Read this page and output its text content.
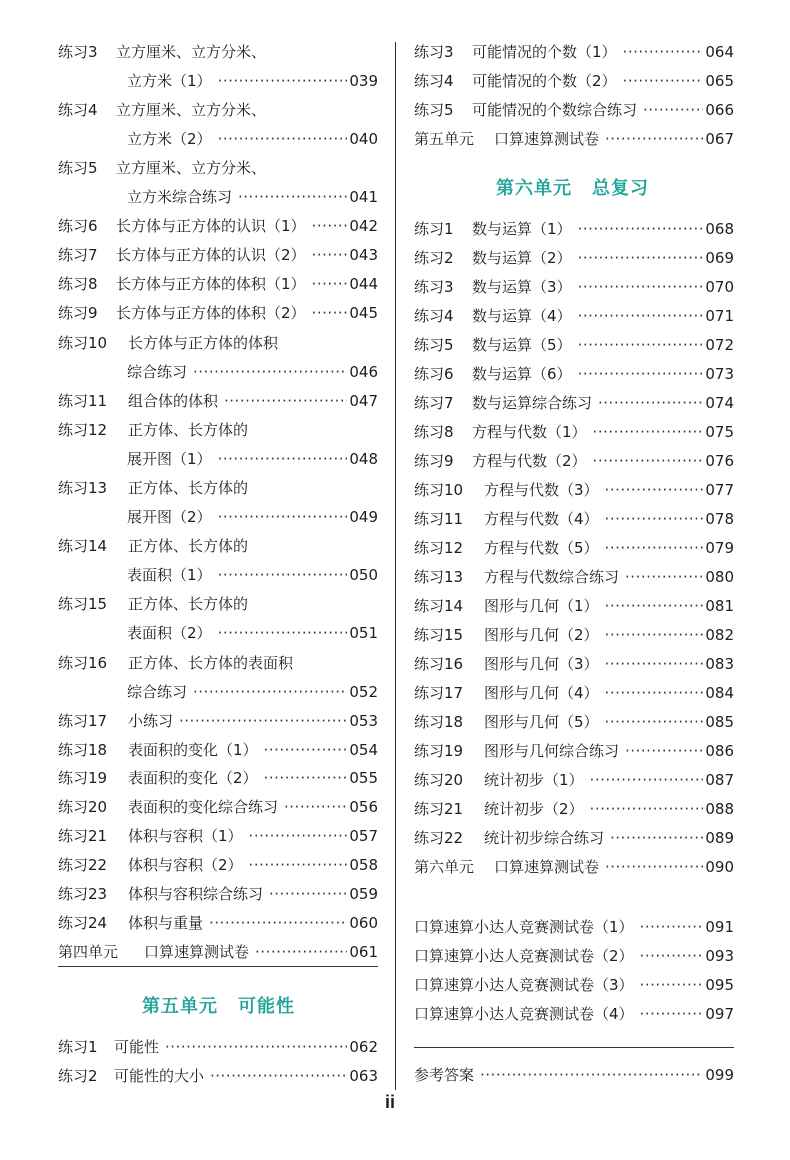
练习3	立方厘米、立方分米、
立方米（1） ·····	039
练习4	立方厘米、立方分米、
立方米（2） ·····	040
练习5	立方厘米、立方分米、
立方米综合练习 ·····	041
练习6	长方体与正方体的认识（1） ·····	042
练习7	长方体与正方体的认识（2） ·····	043
练习8	长方体与正方体的体积（1） ·····	044
练习9	长方体与正方体的体积（2） ·····	045
练习10	长方体与正方体的体积
综合练习 ·····	046
练习11	组合体的体积 ·····	047
练习12	正方体、长方体的
展开图（1） ·····	048
练习13	正方体、长方体的
展开图（2） ·····	049
练习14	正方体、长方体的
表面积（1） ·····	050
练习15	正方体、长方体的
表面积（2） ·····	051
练习16	正方体、长方体的表面积
综合练习 ·····	052
练习17	小练习 ·····	053
练习18	表面积的变化（1） ·····	054
练习19	表面积的变化（2） ·····	055
练习20	表面积的变化综合练习 ·····	056
练习21	体积与容积（1） ·····	057
练习22	体积与容积（2） ·····	058
练习23	体积与容积综合练习 ·····	059
练习24	体积与重量 ·····	060
第四单元	口算速算测试卷 ·····	061
第五单元 可能性
练习1	可能性 ·····	062
练习2	可能性的大小 ·····	063
练习3	可能情况的个数（1） ·····	064
练习4	可能情况的个数（2） ·····	065
练习5	可能情况的个数综合练习 ·····	066
第五单元	口算速算测试卷 ·····	067
第六单元 总复习
练习1	数与运算（1） ·····	068
练习2	数与运算（2） ·····	069
练习3	数与运算（3） ·····	070
练习4	数与运算（4） ·····	071
练习5	数与运算（5） ·····	072
练习6	数与运算（6） ·····	073
练习7	数与运算综合练习 ·····	074
练习8	方程与代数（1） ·····	075
练习9	方程与代数（2） ·····	076
练习10	方程与代数（3） ·····	077
练习11	方程与代数（4） ·····	078
练习12	方程与代数（5） ·····	079
练习13	方程与代数综合练习 ·····	080
练习14	图形与几何（1） ·····	081
练习15	图形与几何（2） ·····	082
练习16	图形与几何（3） ·····	083
练习17	图形与几何（4） ·····	084
练习18	图形与几何（5） ·····	085
练习19	图形与几何综合练习 ·····	086
练习20	统计初步（1） ·····	087
练习21	统计初步（2） ·····	088
练习22	统计初步综合练习 ·····	089
第六单元	口算速算测试卷 ·····	090
口算速算小达人竞赛测试卷（1） ·····	091
口算速算小达人竞赛测试卷（2） ·····	093
口算速算小达人竞赛测试卷（3） ·····	095
口算速算小达人竞赛测试卷（4） ·····	097
参考答案 ·····	099
ii
